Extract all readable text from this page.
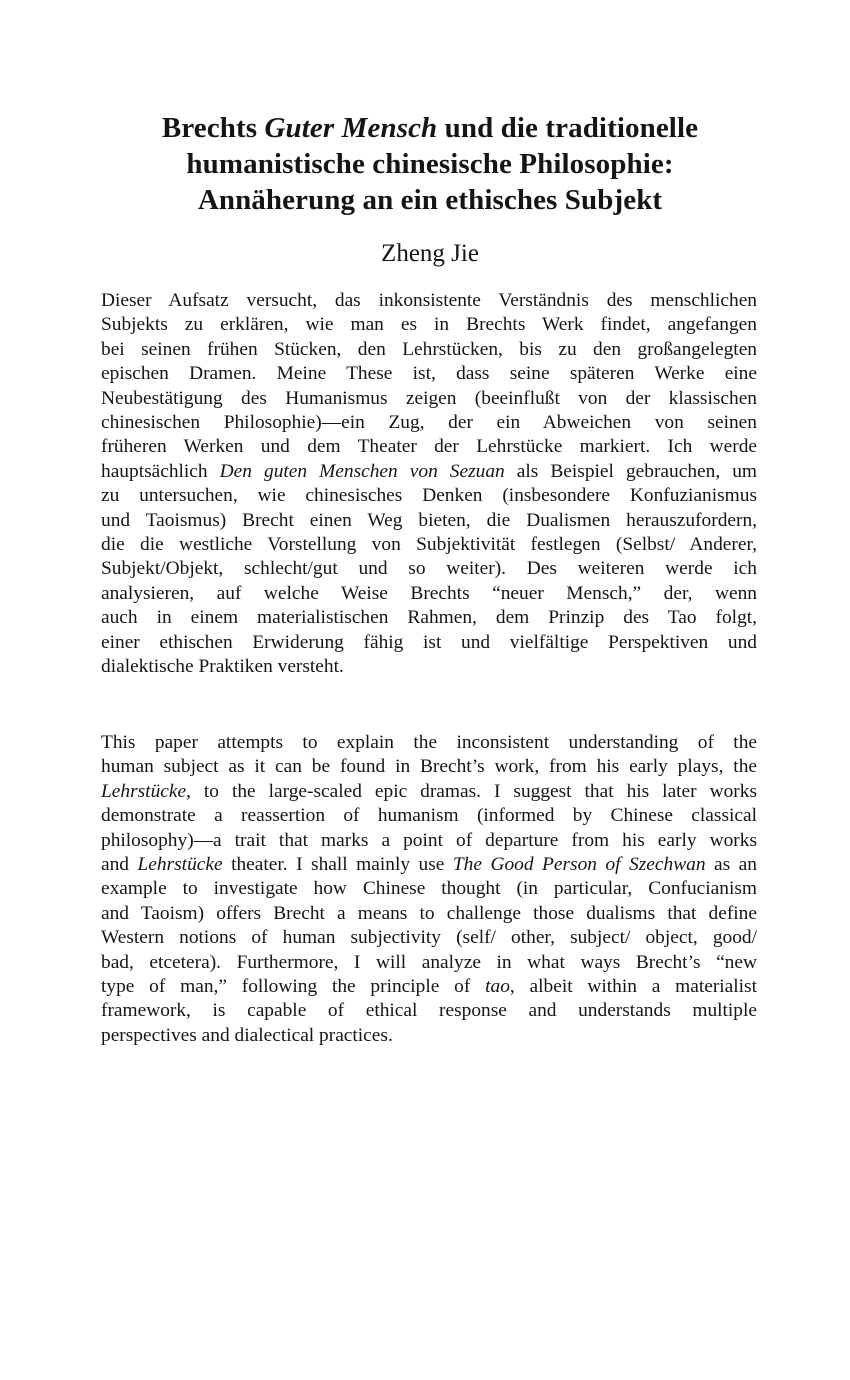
Brechts Guter Mensch und die traditionelle
humanistische chinesische Philosophie:
Annäherung an ein ethisches Subjekt

Zheng Jie

Dieser Aufsatz versucht, das inkonsistente Verständnis des menschlichen
Subjekts zu erklären, wie man es in Brechts Werk findet, angefangen
bei seinen frühen Stücken, den Lehrstücken, bis zu den großangelegten
epischen Dramen. Meine These ist, dass seine späteren Werke eine
Neubestätigung des Humanismus zeigen (beeinflußt von der klassischen
chinesischen Philosophie)—ein Zug, der ein Abweichen von seinen
früheren Werken und dem Theater der Lehrstücke markiert. Ich werde
hauptsächlich Den guten Menschen von Sezuan als Beispiel gebrauchen, um
zu untersuchen, wie chinesisches Denken (insbesondere Konfuzianismus
und Taoismus) Brecht einen Weg bieten, die Dualismen herauszufordern,
die die westliche Vorstellung von Subjektivität festlegen (Selbst/ Anderer,
Subjekt/Objekt, schlecht/gut und so weiter). Des weiteren werde ich
analysieren, auf welche Weise Brechts “neuer Mensch,” der, wenn
auch in einem materialistischen Rahmen, dem Prinzip des Tao folgt,
einer ethischen Erwiderung fähig ist und vielfältige Perspektiven und
dialektische Praktiken versteht.

This paper attempts to explain the inconsistent understanding of the
human subject as it can be found in Brecht’s work, from his early plays, the
Lehrstücke, to the large-scaled epic dramas. I suggest that his later works
demonstrate a reassertion of humanism (informed by Chinese classical
philosophy)—a trait that marks a point of departure from his early works
and Lehrstücke theater. I shall mainly use The Good Person of Szechwan as an
example to investigate how Chinese thought (in particular, Confucianism
and Taoism) offers Brecht a means to challenge those dualisms that define
Western notions of human subjectivity (self/ other, subject/ object, good/
bad, etcetera). Furthermore, I will analyze in what ways Brecht’s “new
type of man,” following the principle of tao, albeit within a materialist
framework, is capable of ethical response and understands multiple
perspectives and dialectical practices.
